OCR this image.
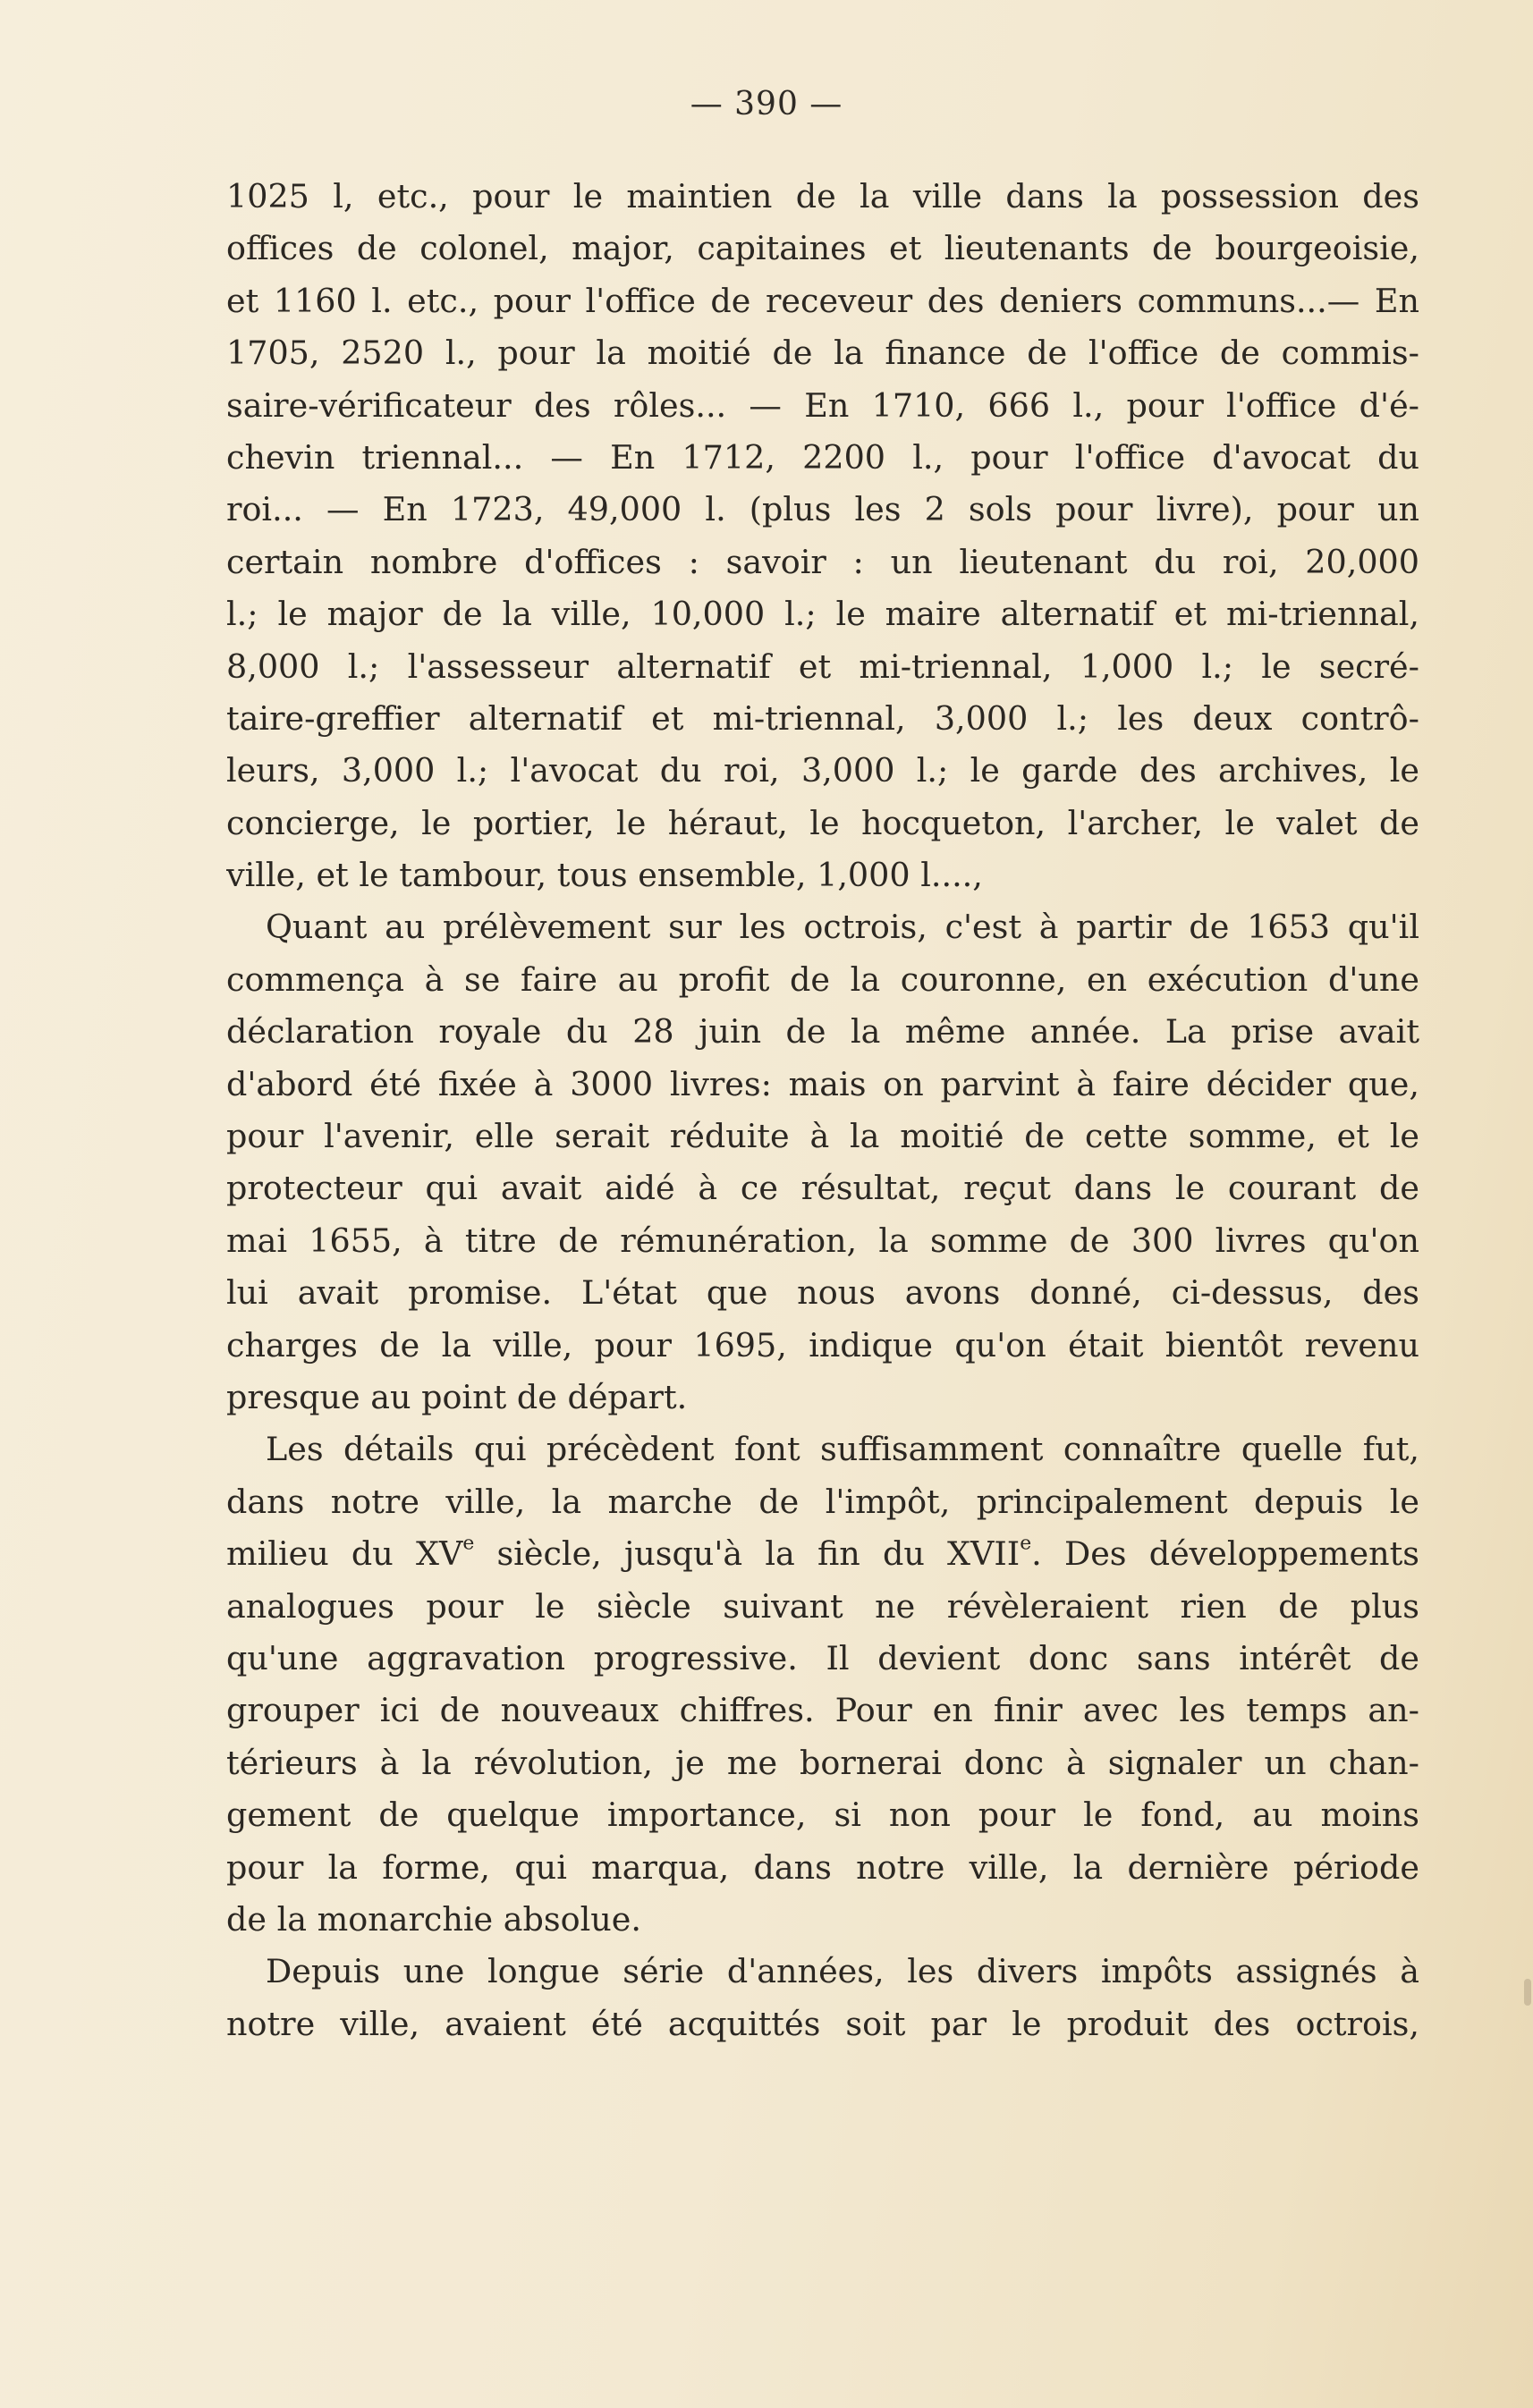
— 390 —
1025 l, etc., pour le maintien de la ville dans la possession des
offices de colonel, major, capitaines et lieutenants de bourgeoisie,
et 1160 l. etc., pour l'office de receveur des deniers communs...— En
1705, 2520 l., pour la moitié de la finance de l'office de commis-
saire-vérificateur des rôles... — En 1710, 666 l., pour l'office d'é-
chevin triennal... — En 1712, 2200 l., pour l'office d'avocat du
roi... — En 1723, 49,000 l. (plus les 2 sols pour livre), pour un
certain nombre d'offices : savoir : un lieutenant du roi, 20,000
l.; le major de la ville, 10,000 l.; le maire alternatif et mi-triennal,
8,000 l.; l'assesseur alternatif et mi-triennal, 1,000 l.; le secré-
taire-greffier alternatif et mi-triennal, 3,000 l.; les deux contrô-
leurs, 3,000 l.; l'avocat du roi, 3,000 l.; le garde des archives, le
concierge, le portier, le héraut, le hocqueton, l'archer, le valet de
ville, et le tambour, tous ensemble, 1,000 l....,
Quant au prélèvement sur les octrois, c'est à partir de 1653 qu'il
commença à se faire au profit de la couronne, en exécution d'une
déclaration royale du 28 juin de la même année. La prise avait
d'abord été fixée à 3000 livres: mais on parvint à faire décider que,
pour l'avenir, elle serait réduite à la moitié de cette somme, et le
protecteur qui avait aidé à ce résultat, reçut dans le courant de
mai 1655, à titre de rémunération, la somme de 300 livres qu'on
lui avait promise. L'état que nous avons donné, ci-dessus, des
charges de la ville, pour 1695, indique qu'on était bientôt revenu
presque au point de départ.
Les détails qui précèdent font suffisamment connaître quelle fut,
dans notre ville, la marche de l'impôt, principalement depuis le
milieu du XVe siècle, jusqu'à la fin du XVIIe. Des développements
analogues pour le siècle suivant ne révèleraient rien de plus
qu'une aggravation progressive. Il devient donc sans intérêt de
grouper ici de nouveaux chiffres. Pour en finir avec les temps an-
térieurs à la révolution, je me bornerai donc à signaler un chan-
gement de quelque importance, si non pour le fond, au moins
pour la forme, qui marqua, dans notre ville, la dernière période
de la monarchie absolue.
Depuis une longue série d'années, les divers impôts assignés à
notre ville, avaient été acquittés soit par le produit des octrois,
